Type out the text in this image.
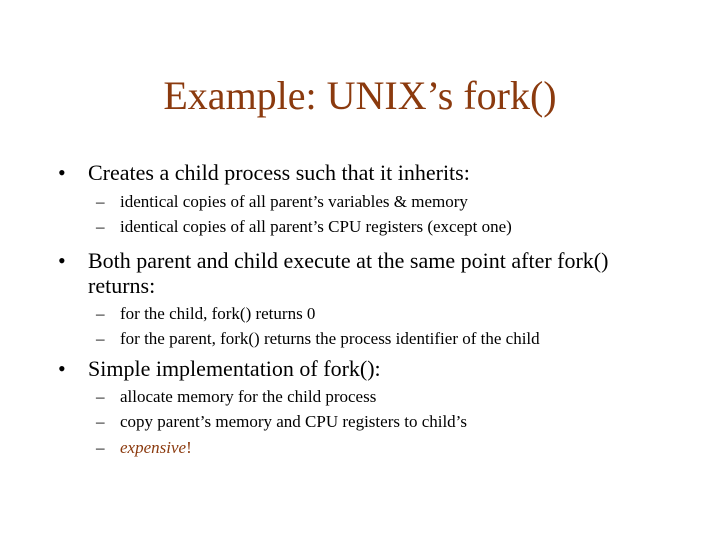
Example: UNIX’s fork()
•	Creates a child process such that it inherits:
– identical copies of all parent’s variables & memory
– identical copies of all parent’s CPU registers (except one)
•	Both parent and child execute at the same point after fork() returns:
– for the child, fork() returns 0
– for the parent, fork() returns the process identifier of the child
•	Simple implementation of fork():
– allocate memory for the child process
– copy parent’s memory and CPU registers to child’s
– expensive!
